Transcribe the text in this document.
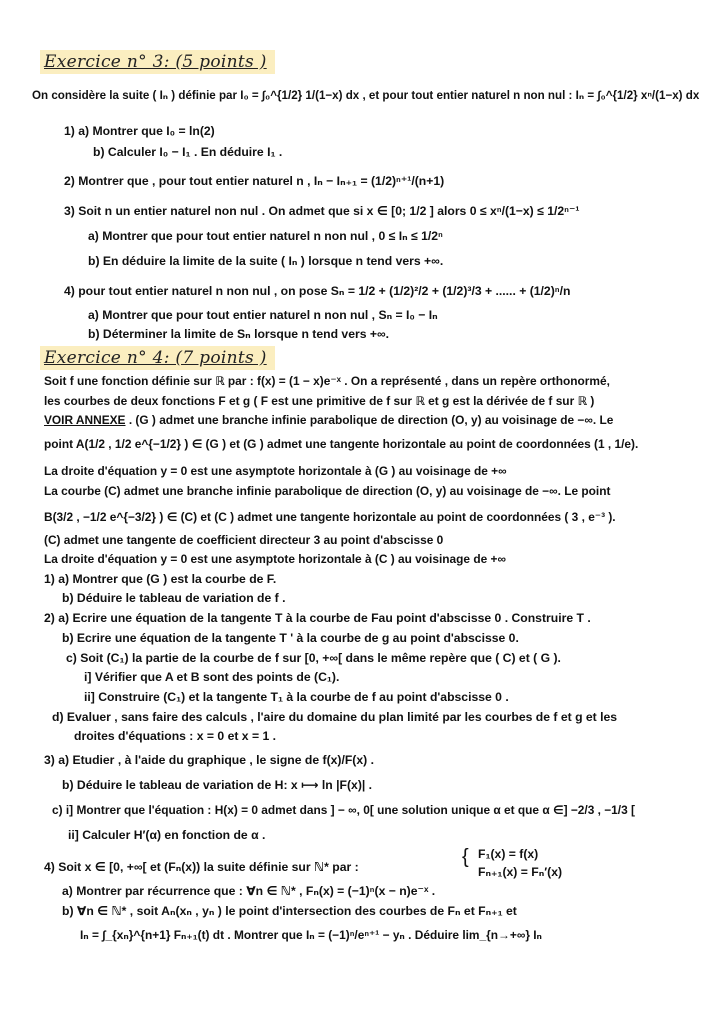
Exercice n° 3: (5 points )
On considère la suite ( Iₙ ) définie par I₀ = ∫₀^{1/2} 1/(1−x) dx , et pour tout entier naturel n non nul : Iₙ = ∫₀^{1/2} xⁿ/(1−x) dx
1) a) Montrer que I₀ = ln(2)
b) Calculer I₀ − I₁ . En déduire I₁ .
2) Montrer que , pour tout entier naturel n , Iₙ − Iₙ₊₁ = (1/2)ⁿ⁺¹/(n+1)
3) Soit n un entier naturel non nul . On admet que si x ∈ [0; 1/2 ] alors 0 ≤ xⁿ/(1−x) ≤ 1/2ⁿ⁻¹
a) Montrer que pour tout entier naturel n non nul , 0 ≤ Iₙ ≤ 1/2ⁿ
b) En déduire la limite de la suite ( Iₙ ) lorsque n tend vers +∞.
4) pour tout entier naturel n non nul , on pose Sₙ = 1/2 + (1/2)²/2 + (1/2)³/3 + ...... + (1/2)ⁿ/n
a) Montrer que pour tout entier naturel n non nul , Sₙ = I₀ − Iₙ
b) Déterminer la limite de Sₙ lorsque n tend vers +∞.
Exercice n° 4: (7 points )
Soit f une fonction définie sur ℝ par : f(x) = (1 − x)e⁻ˣ . On a représenté , dans un repère orthonormé,
les courbes de deux fonctions F et g ( F est une primitive de f sur ℝ et g est la dérivée de f sur ℝ )
VOIR ANNEXE . (G ) admet une branche infinie parabolique de direction (O, y) au voisinage de −∞. Le
point A(1/2 , 1/2 e^{−1/2} ) ∈ (G ) et (G ) admet une tangente horizontale au point de coordonnées (1 , 1/e).
La droite d'équation y = 0 est une asymptote horizontale à (G ) au voisinage de +∞
La courbe (C) admet une branche infinie parabolique de direction (O, y) au voisinage de −∞. Le point
B(3/2 , −1/2 e^{−3/2} ) ∈ (C) et (C ) admet une tangente horizontale au point de coordonnées ( 3 , e⁻³ ).
(C) admet une tangente de coefficient directeur 3 au point d'abscisse 0
La droite d'équation y = 0 est une asymptote horizontale à (C ) au voisinage de +∞
1) a) Montrer que (G ) est la courbe de F.
b) Déduire le tableau de variation de f .
2) a) Ecrire une équation de la tangente T à la courbe de Fau point d'abscisse 0 . Construire T .
b) Ecrire une équation de la tangente T ' à la courbe de g au point d'abscisse 0.
c) Soit (C₁) la partie de la courbe de f sur [0, +∞[ dans le même repère que ( C) et ( G ).
i] Vérifier que A et B sont des points de (C₁).
ii] Construire (C₁) et la tangente T₁ à la courbe de f au point d'abscisse 0 .
d) Evaluer , sans faire des calculs , l'aire du domaine du plan limité par les courbes de f et g et les
droites d'équations : x = 0 et x = 1 .
3) a) Etudier , à l'aide du graphique , le signe de f(x)/F(x) .
b) Déduire le tableau de variation de H: x ⟼ ln |F(x)| .
c) i] Montrer que l'équation : H(x) = 0 admet dans ] − ∞, 0[ une solution unique α et que α ∈] −2/3 , −1/3 [
ii] Calculer H′(α) en fonction de α .
4) Soit x ∈ [0, +∞[ et (Fₙ(x)) la suite définie sur ℕ* par :	{ F₁(x) = f(x)
Fₙ₊₁(x) = Fₙ′(x)
a) Montrer par récurrence que : ∀n ∈ ℕ* , Fₙ(x) = (−1)ⁿ(x − n)e⁻ˣ .
b) ∀n ∈ ℕ* , soit Aₙ(xₙ , yₙ ) le point d'intersection des courbes de Fₙ et Fₙ₊₁ et
Iₙ = ∫_{xₙ}^{n+1} Fₙ₊₁(t) dt . Montrer que Iₙ = (−1)ⁿ/eⁿ⁺¹ − yₙ . Déduire lim_{n→+∞} Iₙ
